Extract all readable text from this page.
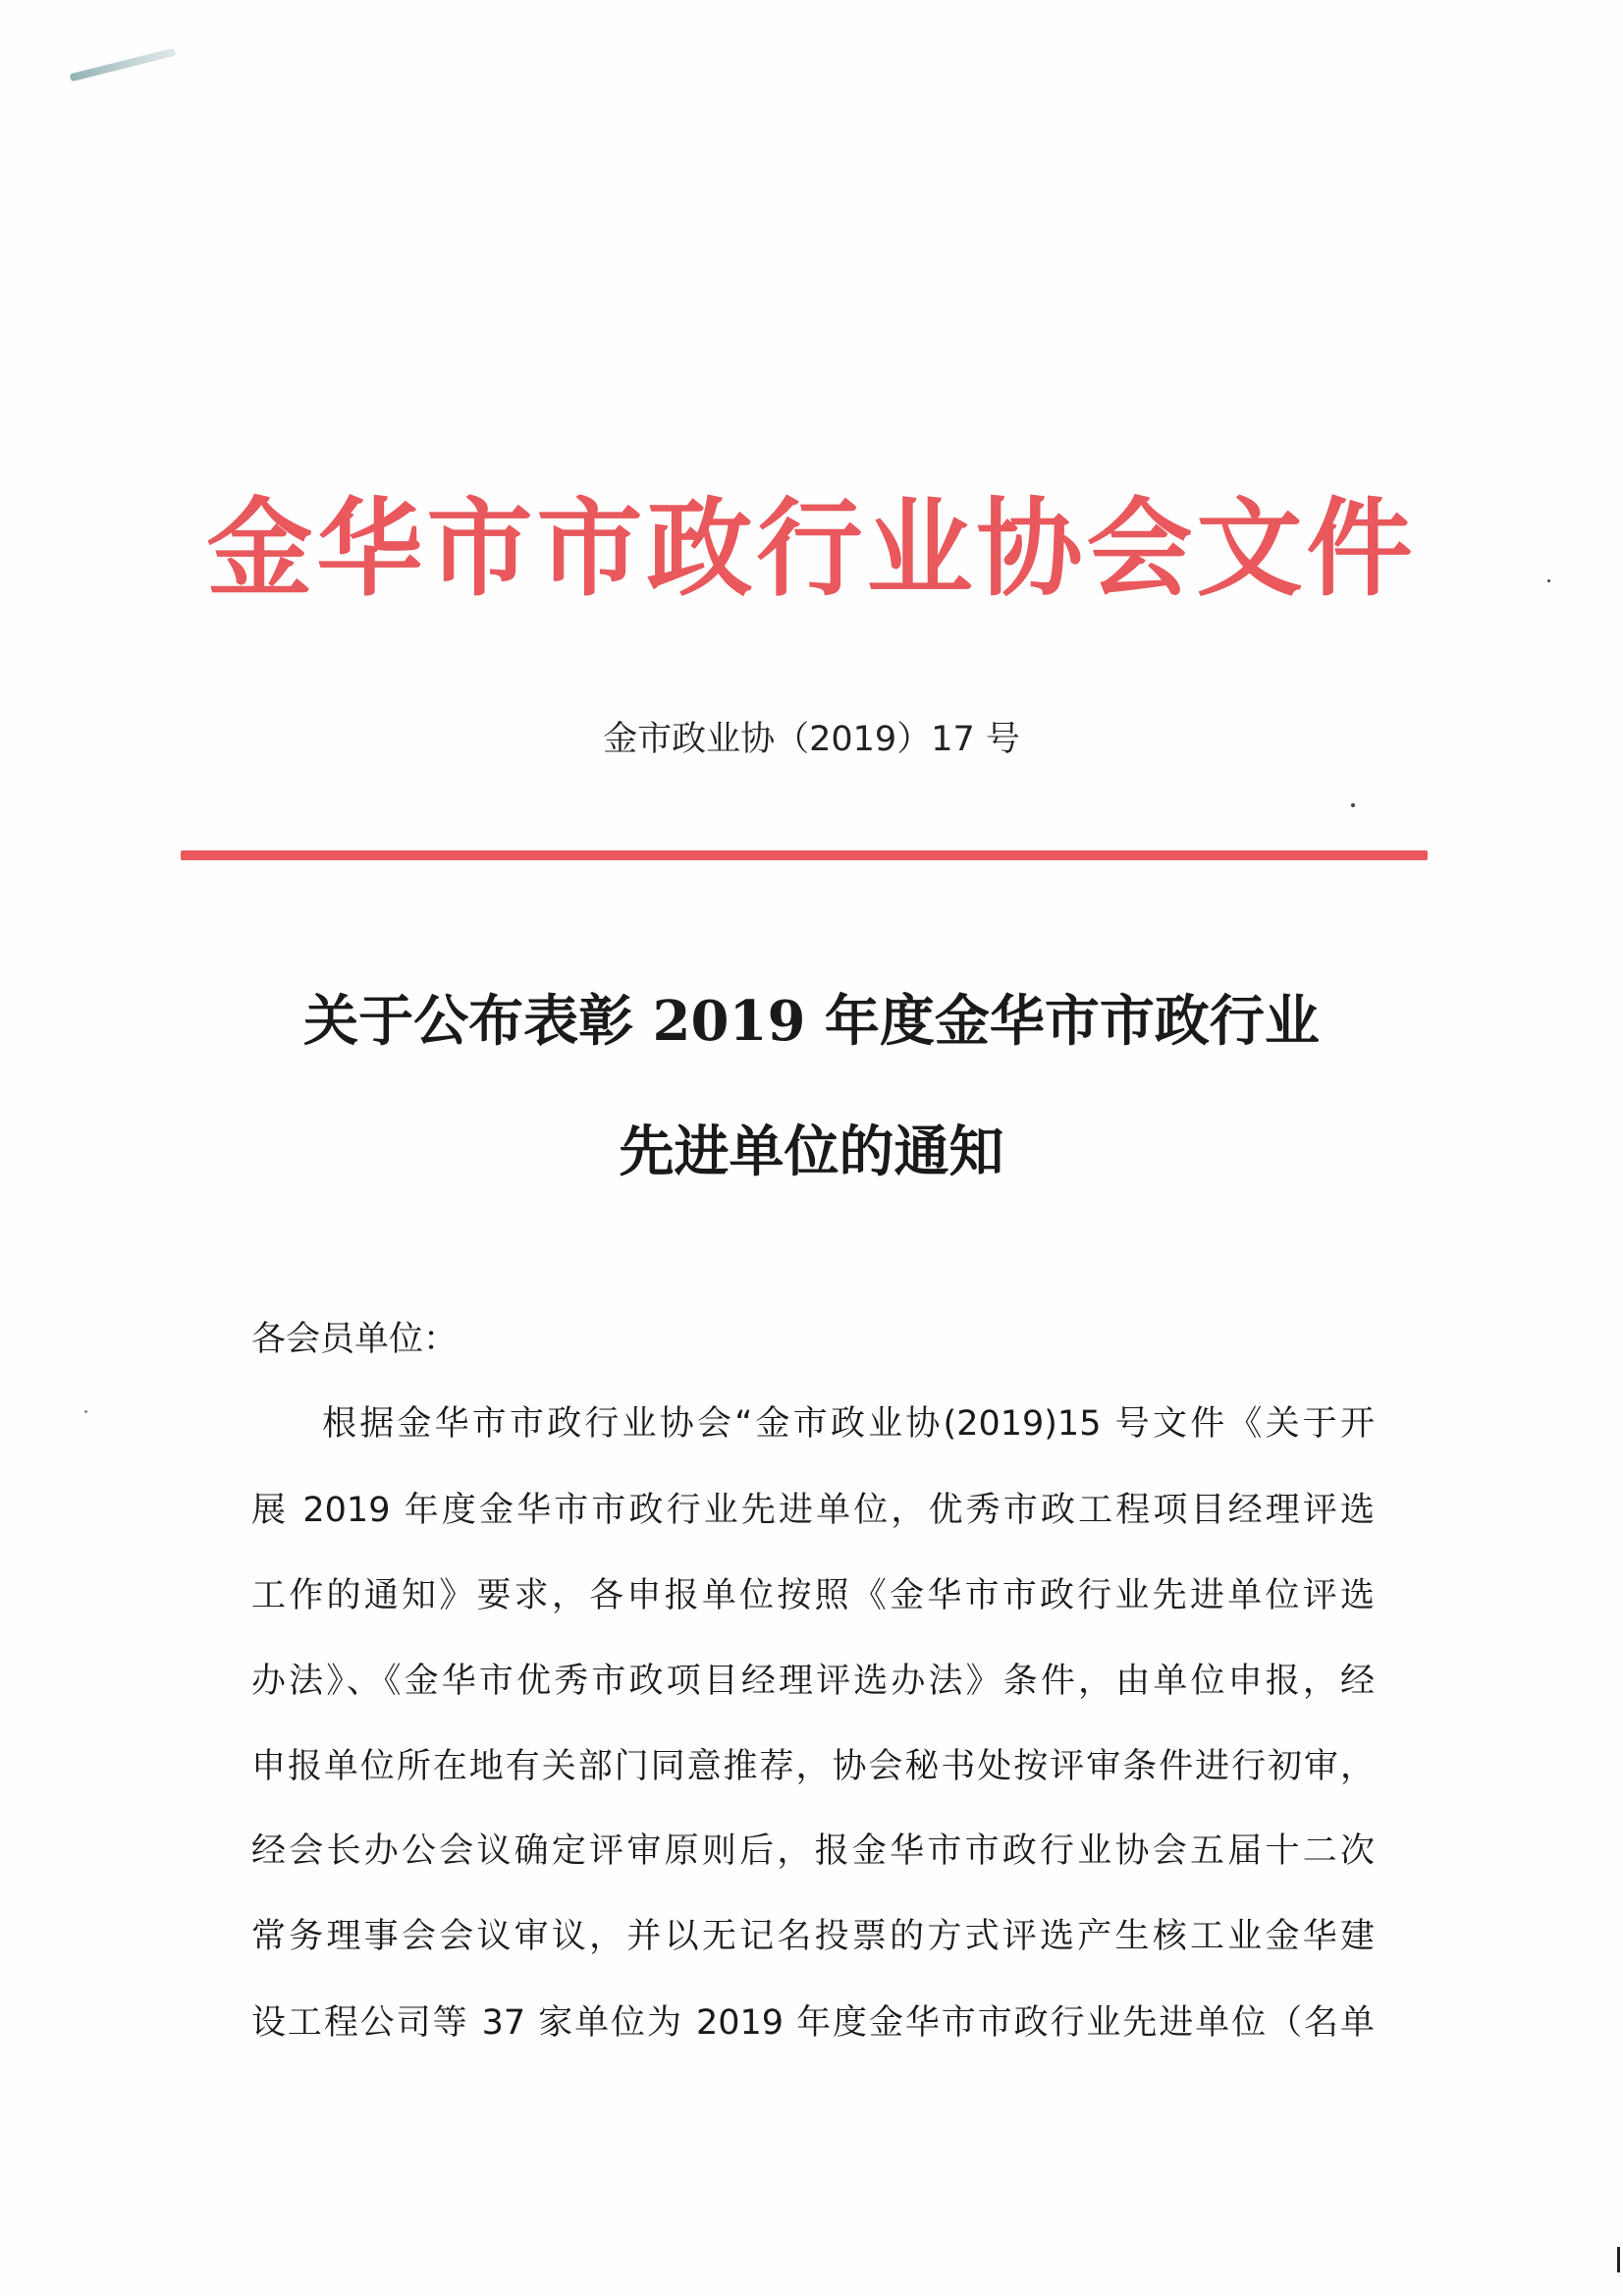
金华市市政行业协会文件
金市政业协（2019）17 号
关于公布表彰 2019 年度金华市市政行业
先进单位的通知
各会员单位：
根据金华市市政行业协会“金市政业协(2019)15 号文件《关于开
展 2019 年度金华市市政行业先进单位，优秀市政工程项目经理评选
工作的通知》要求，各申报单位按照《金华市市政行业先进单位评选
办法》、《金华市优秀市政项目经理评选办法》条件，由单位申报，经
申报单位所在地有关部门同意推荐，协会秘书处按评审条件进行初审，
经会长办公会议确定评审原则后，报金华市市政行业协会五届十二次
常务理事会会议审议，并以无记名投票的方式评选产生核工业金华建
设工程公司等 37 家单位为 2019 年度金华市市政行业先进单位（名单
